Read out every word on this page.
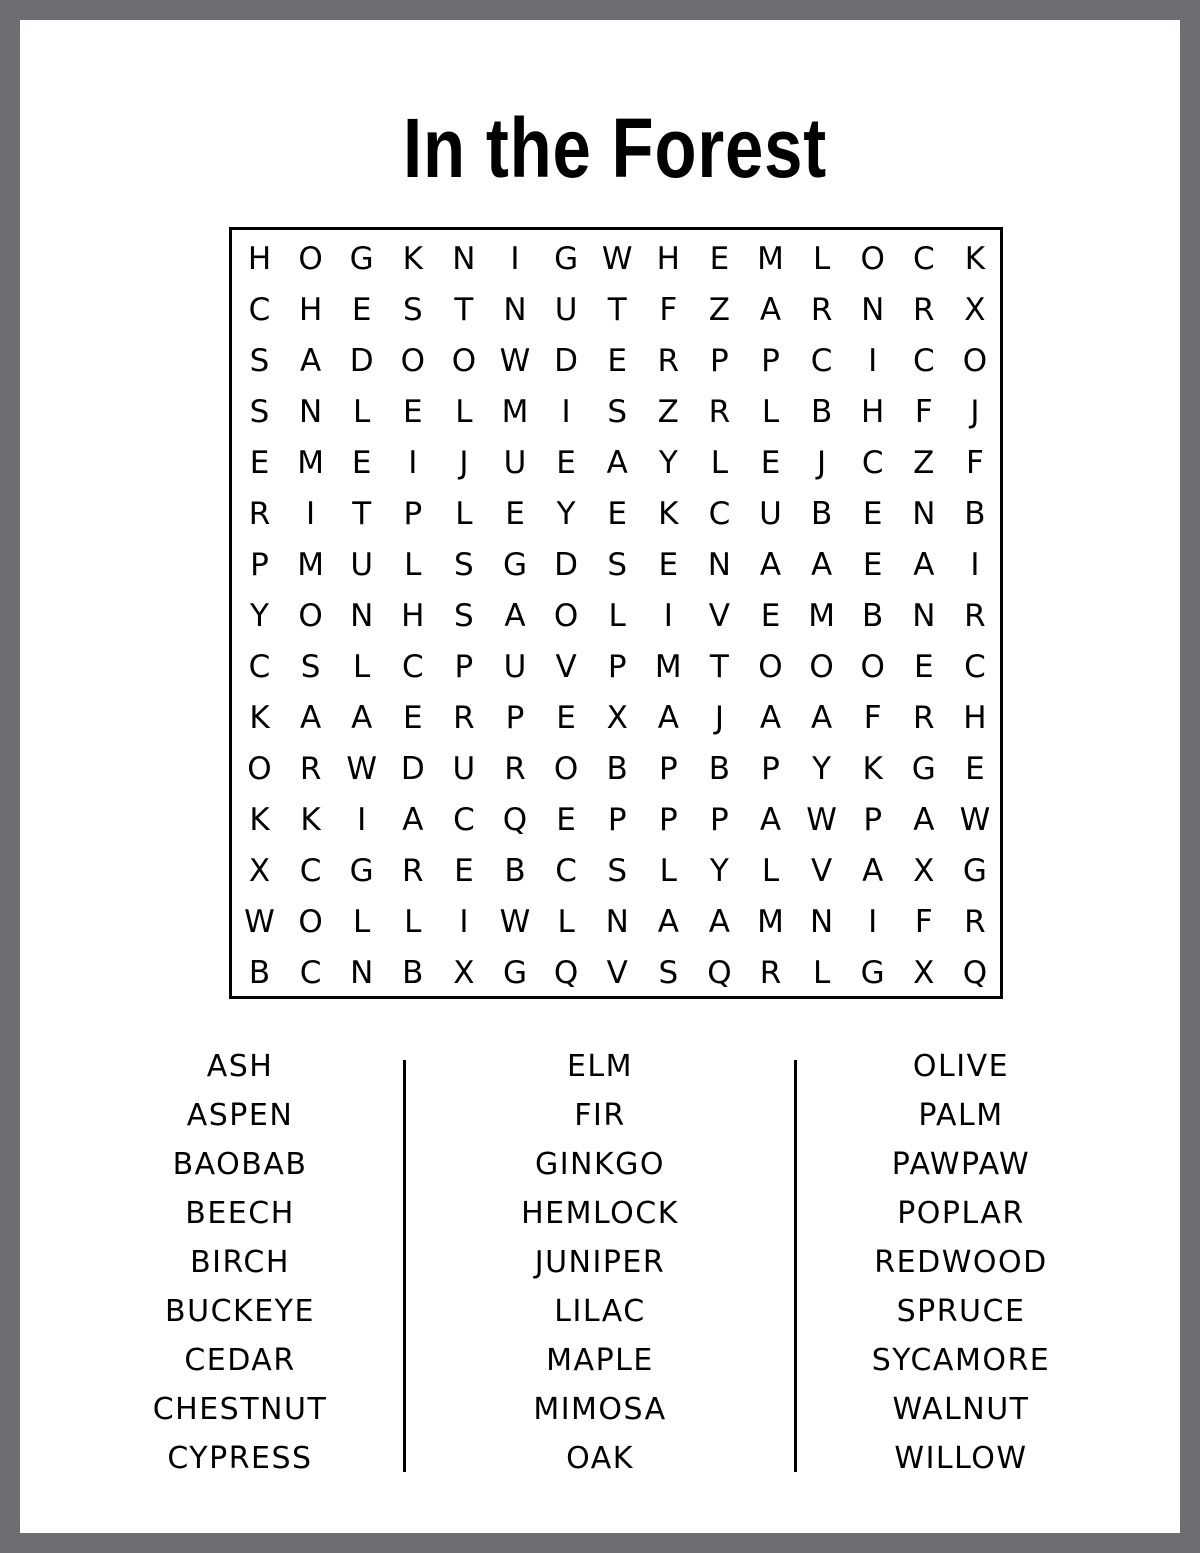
In the Forest
H O G K N	I	G W H E M L O C K
C H E	S	T N U T	F	Z A R N R X
S A D O O W D E R P	P C	I	C O
S N L	E	L M	I	S Z R	L	B H F	J
E M E	I	J	U E A	Y	L	E	J	C Z	F
R	I	T	P	L	E	Y	E	K C U B E N B
P M U	L	S G D S	E N A A E A	I
Y O N H S A O L	I	V E M B N R
C S	L	C P U V	P M T O O O E C
K A A E R P	E X A	J	A A	F	R H
O R W D U R O B	P	B	P	Y	K G E
K K	I	A C Q E	P	P	P	A W P	A W
X C G R E B C S	L	Y	L	V A X G
W O L	L	I	W L N A A M N	I	F	R
B C N B X G Q V S Q R	L G X Q
ASH
ASPEN
BAOBAB
BEECH
BIRCH
BUCKEYE
CEDAR
CHESTNUT
CYPRESS
ELM
FIR
GINKGO
HEMLOCK
JUNIPER
LILAC
MAPLE
MIMOSA
OAK
OLIVE
PALM
PAWPAW
POPLAR
REDWOOD
SPRUCE
SYCAMORE
WALNUT
WILLOW
